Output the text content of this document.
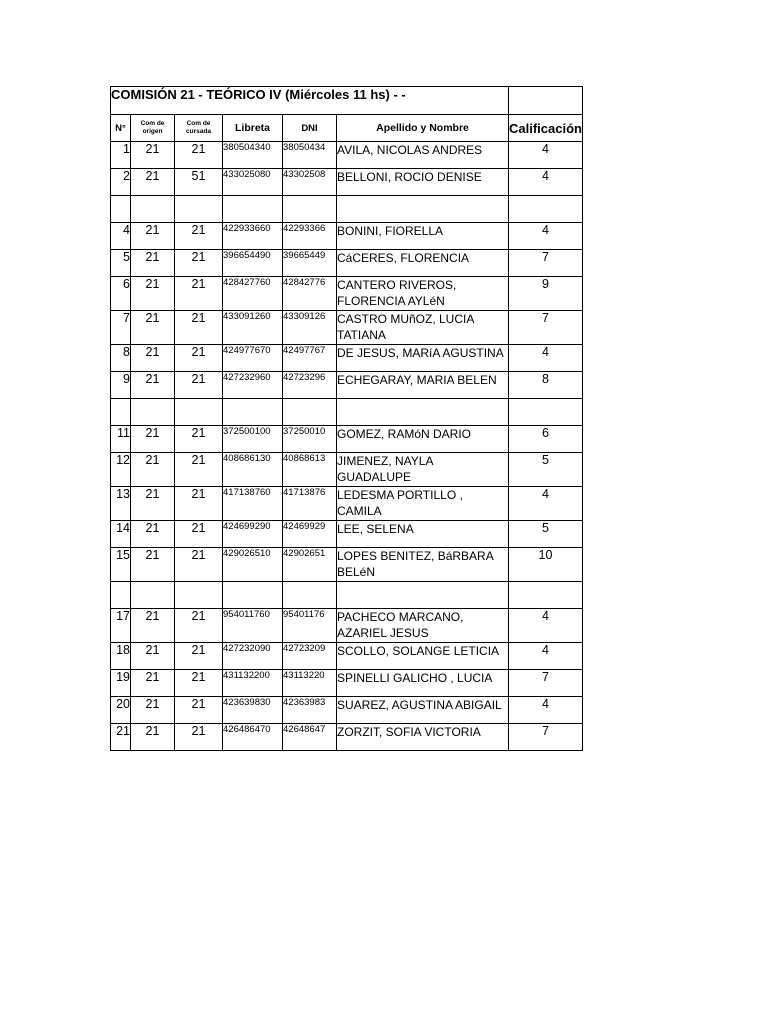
COMISIÓN 21 - TEÓRICO IV (Miércoles 11 hs) - -						
N°	Com de origen	Com de cursada	Libreta	DNI	Apellido y Nombre	Calificación
1	21	21	380504340	38050434	AVILA, NICOLAS ANDRES	4
2	21	51	433025080	43302508	BELLONI, ROCIO DENISE	4

4	21	21	422933660	42293366	BONINI, FIORELLA	4
5	21	21	396654490	39665449	CáCERES, FLORENCIA	7
6	21	21	428427760	42842776	CANTERO RIVEROS, FLORENCIA AYLéN	9
7	21	21	433091260	43309126	CASTRO MUñOZ, LUCIA TATIANA	7
8	21	21	424977670	42497767	DE JESUS, MARíA AGUSTINA	4
9	21	21	427232960	42723296	ECHEGARAY, MARIA BELEN	8

11	21	21	372500100	37250010	GOMEZ, RAMóN DARIO	6
12	21	21	408686130	40868613	JIMENEZ, NAYLA GUADALUPE	5
13	21	21	417138760	41713876	LEDESMA PORTILLO , CAMILA	4
14	21	21	424699290	42469929	LEE, SELENA	5
15	21	21	429026510	42902651	LOPES BENITEZ, BáRBARA BELéN	10

17	21	21	954011760	95401176	PACHECO MARCANO, AZARIEL JESUS	4
18	21	21	427232090	42723209	SCOLLO, SOLANGE LETICIA	4
19	21	21	431132200	43113220	SPINELLI GALICHO , LUCIA	7
20	21	21	423639830	42363983	SUAREZ, AGUSTINA ABIGAIL	4
21	21	21	426486470	42648647	ZORZIT, SOFIA VICTORIA	7
